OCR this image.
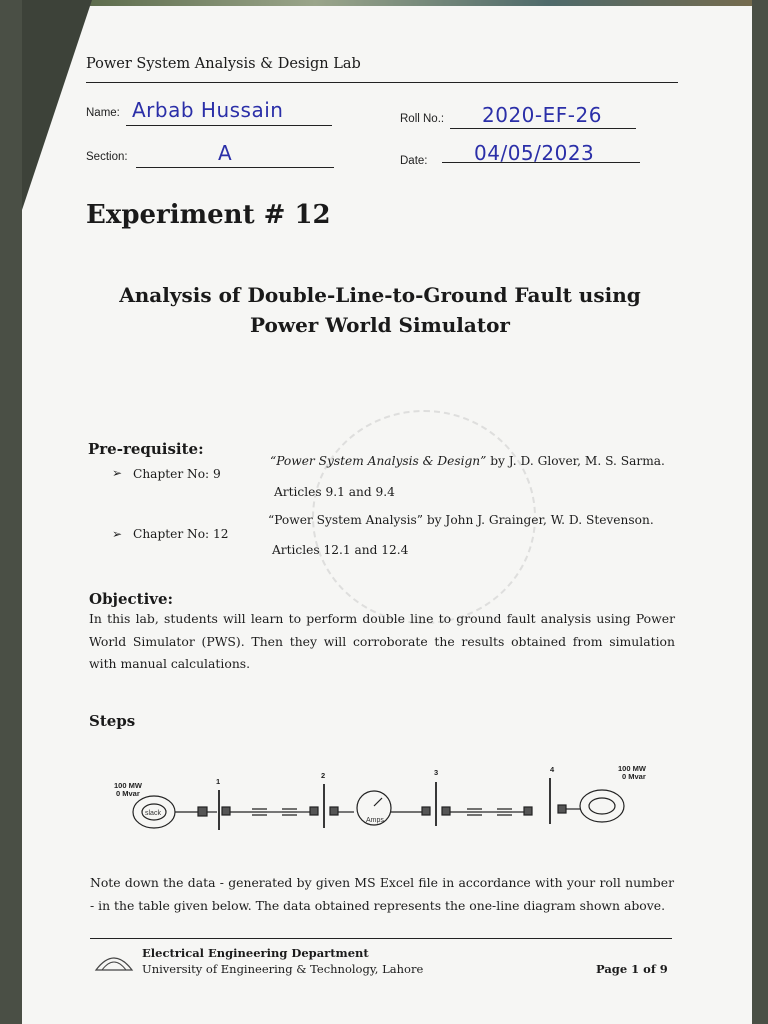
Power System Analysis & Design Lab
Name: Arbab Hussain	Roll No.: 2020-EF-26
Section:	A	Date: 04/05/2023
Experiment # 12
Analysis of Double-Line-to-Ground Fault using
Power World Simulator
Pre-requisite:
➢ Chapter No: 9
“Power System Analysis & Design” by J. D. Glover, M. S. Sarma.
Articles 9.1 and 9.4
➢ Chapter No: 12
“Power System Analysis” by John J. Grainger, W. D. Stevenson.
Articles 12.1 and 12.4
Objective:
In this lab, students will learn to perform double line to ground fault analysis using Power World Simulator (PWS). Then they will corroborate the results obtained from simulation with manual calculations.
Steps
100 MW
0 Mvar
100 MW
0 Mvar
1
2	3	4
slack
Amps
Note down the data - generated by given MS Excel file in accordance with your roll number - in the table given below. The data obtained represents the one-line diagram shown above.
Electrical Engineering Department
University of Engineering & Technology, Lahore	Page 1 of 9
